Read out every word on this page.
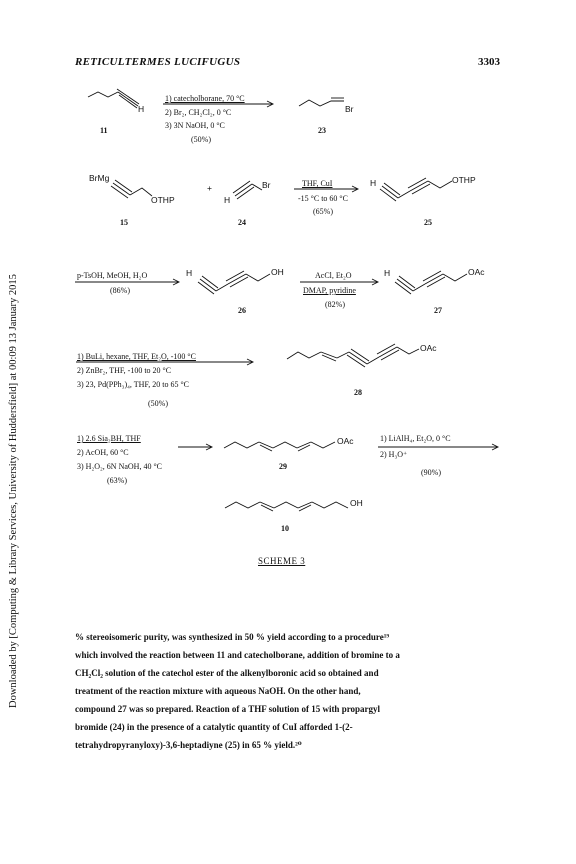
RETICULTERMES LUCIFUGUS	3303
Downloaded by [Computing & Library Services, University of Huddersfield] at 00:09 13 January 2015
H
11
1) catecholborane, 70 °C
2) Br₂, CH₂Cl₂, 0 °C
3) 3N NaOH, 0 °C
(50%)
Br
23
BrMg
OTHP
15
+
H
Br
24
THF, CuI
-15 °C to 60 °C
(65%)
H	OTHP
25
p-TsOH, MeOH, H₂O
(86%)
H	OH
26
AcCl, Et₂O
DMAP, pyridine
(82%)
H	OAc
27
1) BuLi, hexane, THF, Et₂O, -100 °C
2) ZnBr₂, THF, -100 to 20 °C
3) 23, Pd(PPh₃)₄, THF, 20 to 65 °C
(50%)
OAc
28
1) 2.6 Sia₂BH, THF
2) AcOH, 60 °C
3) H₂O₂, 6N NaOH, 40 °C
(63%)
OAc
29
1) LiAlH₄, Et₂O, 0 °C
2) H₃O⁺
(90%)
OH
10
SCHEME 3

% stereoisomeric purity, was synthesized in 50 % yield according to a procedure¹⁹

which involved the reaction between 11 and catecholborane, addition of bromine to a

CH₂Cl₂ solution of the catechol ester of the alkenylboronic acid so obtained and

treatment of the reaction mixture with aqueous NaOH. On the other hand,

compound 27 was so prepared. Reaction of a THF solution of 15 with propargyl

bromide (24) in the presence of a catalytic quantity of CuI afforded 1-(2-

tetrahydropyranyloxy)-3,6-heptadiyne (25) in 65 % yield.²⁰
